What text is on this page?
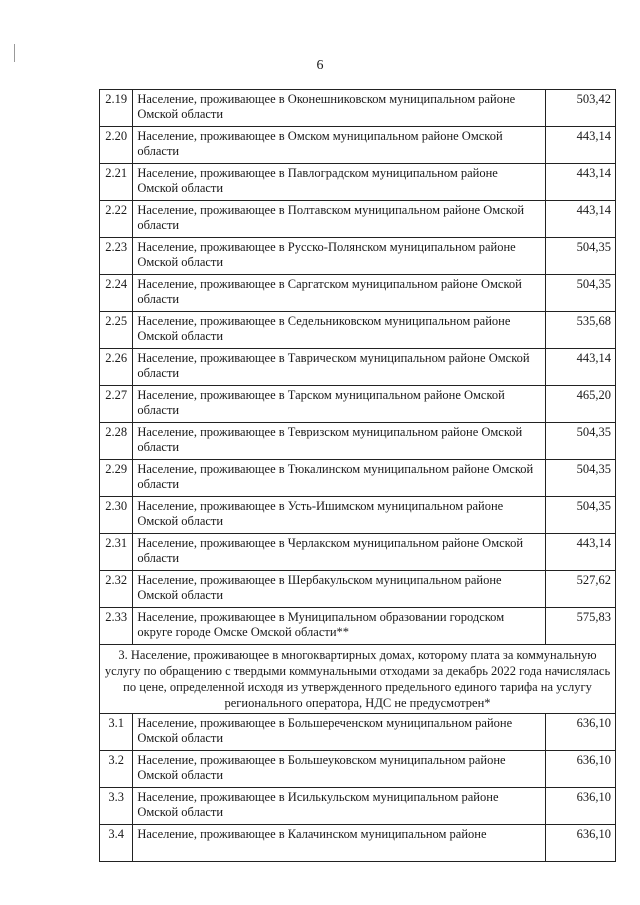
6
2.19	Население, проживающее в Оконешниковском муниципальном районе Омской области	503,42
2.20	Население, проживающее в Омском муниципальном районе Омской области	443,14
2.21	Население, проживающее в Павлоградском муниципальном районе Омской области	443,14
2.22	Население, проживающее в Полтавском муниципальном районе Омской области	443,14
2.23	Население, проживающее в Русско-Полянском муниципальном районе Омской области	504,35
2.24	Население, проживающее в Саргатском муниципальном районе Омской области	504,35
2.25	Население, проживающее в Седельниковском муниципальном районе Омской области	535,68
2.26	Население, проживающее в Таврическом муниципальном районе Омской области	443,14
2.27	Население, проживающее в Тарском муниципальном районе Омской области	465,20
2.28	Население, проживающее в Тевризском муниципальном районе Омской области	504,35
2.29	Население, проживающее в Тюкалинском муниципальном районе Омской области	504,35
2.30	Население, проживающее в Усть-Ишимском муниципальном районе Омской области	504,35
2.31	Население, проживающее в Черлакском муниципальном районе Омской области	443,14
2.32	Население, проживающее в Шербакульском муниципальном районе Омской области	527,62
2.33	Население, проживающее в Муниципальном образовании городском округе городе Омске Омской области**	575,83
3. Население, проживающее в многоквартирных домах, которому плата за коммунальную услугу по обращению с твердыми коммунальными отходами за декабрь 2022 года начислялась по цене, определенной исходя из утвержденного предельного единого тарифа на услугу регионального оператора, НДС не предусмотрен*		
3.1	Население, проживающее в Большереченском муниципальном районе Омской области	636,10
3.2	Население, проживающее в Большеуковском муниципальном районе Омской области	636,10
3.3	Население, проживающее в Исилькульском муниципальном районе Омской области	636,10
3.4	Население, проживающее в Калачинском муниципальном районе	636,10
